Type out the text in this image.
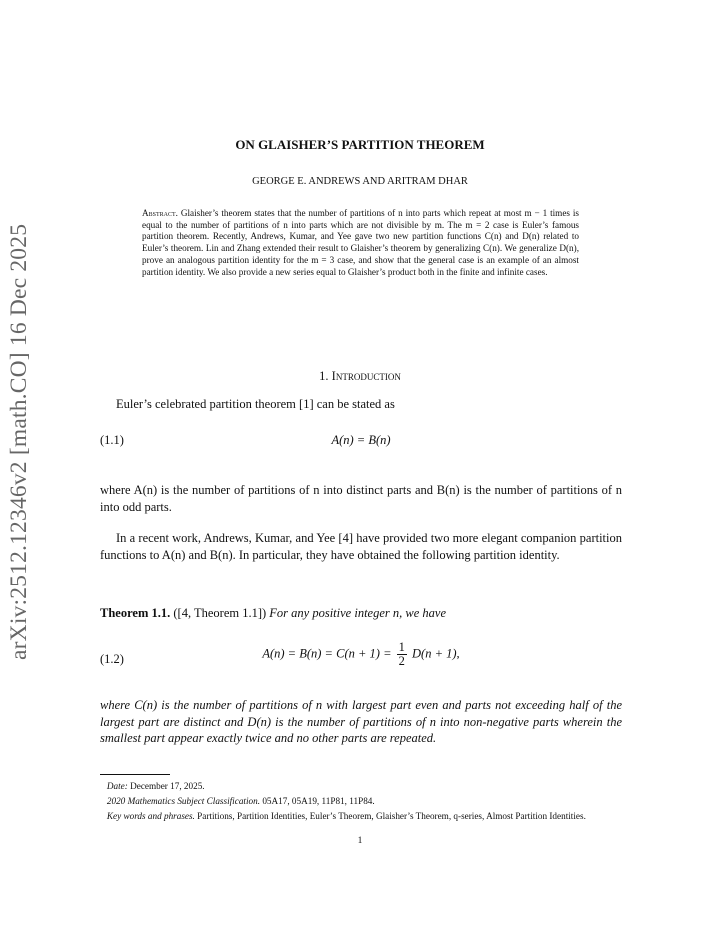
arXiv:2512.12346v2 [math.CO] 16 Dec 2025
ON GLAISHER’S PARTITION THEOREM
GEORGE E. ANDREWS AND ARITRAM DHAR
Abstract. Glaisher’s theorem states that the number of partitions of n into parts which repeat at most m − 1 times is equal to the number of partitions of n into parts which are not divisible by m. The m = 2 case is Euler’s famous partition theorem. Recently, Andrews, Kumar, and Yee gave two new partition functions C(n) and D(n) related to Euler’s theorem. Lin and Zhang extended their result to Glaisher’s theorem by generalizing C(n). We generalize D(n), prove an analogous partition identity for the m = 3 case, and show that the general case is an example of an almost partition identity. We also provide a new series equal to Glaisher’s product both in the finite and infinite cases.
1. Introduction
Euler’s celebrated partition theorem [1] can be stated as
(1.1)	A(n) = B(n)
where A(n) is the number of partitions of n into distinct parts and B(n) is the number of partitions of n into odd parts.
In a recent work, Andrews, Kumar, and Yee [4] have provided two more elegant companion partition functions to A(n) and B(n). In particular, they have obtained the following partition identity.
Theorem 1.1. ([4, Theorem 1.1]) For any positive integer n, we have
(1.2)	$A(n) = B(n) = C(n + 1) = \frac{1}{2} D(n + 1)$,
where C(n) is the number of partitions of n with largest part even and parts not exceeding half of the largest part are distinct and D(n) is the number of partitions of n into non-negative parts wherein the smallest part appear exactly twice and no other parts are repeated.
Date: December 17, 2025.
2020 Mathematics Subject Classification. 05A17, 05A19, 11P81, 11P84.
Key words and phrases. Partitions, Partition Identities, Euler’s Theorem, Glaisher’s Theorem, q-series, Almost Partition Identities.
1
